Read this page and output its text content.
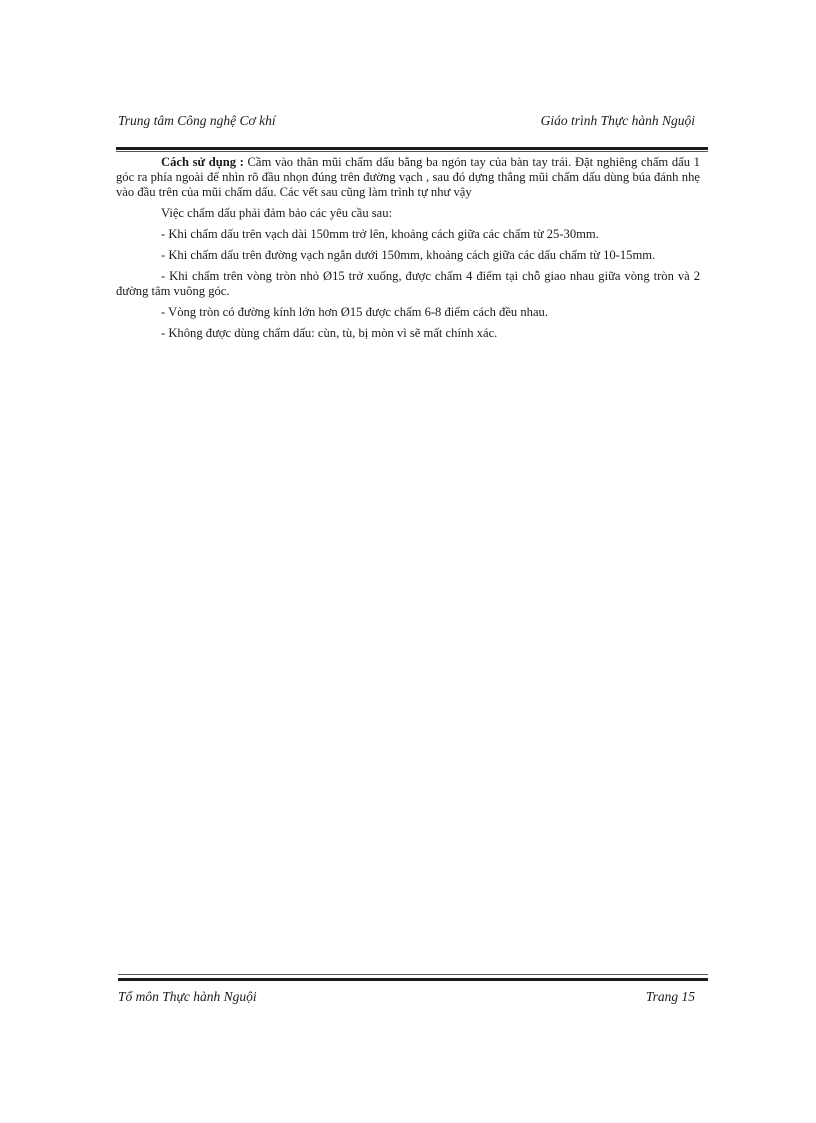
Trung tâm Công nghệ Cơ khí	Giáo trình Thực hành Nguội

Cách sử dụng : Cầm vào thân mũi chấm dấu bằng ba ngón tay của bàn tay trái. Đặt nghiêng chấm dấu 1 góc ra phía ngoài để nhìn rõ đầu nhọn đúng trên đường vạch , sau đó dựng thẳng mũi chấm dấu dùng búa đánh nhẹ vào đầu trên của mũi chấm dấu. Các vết sau cũng làm trình tự như vậy

Việc chấm dấu phải đảm bảo các yêu cầu sau:

- Khi chấm dấu trên vạch dài 150mm trở lên, khoảng cách giữa các chấm từ 25-30mm.

- Khi chấm dấu trên đường vạch ngắn dưới 150mm, khoảng cách giữa các dấu chấm từ 10-15mm.

- Khi chấm trên vòng tròn nhỏ Ø15 trở xuống, được chấm 4 điểm tại chỗ giao nhau giữa vòng tròn và 2 đường tâm vuông góc.

- Vòng tròn có đường kính lớn hơn Ø15 được chấm 6-8 điểm cách đều nhau.

- Không được dùng chấm dấu: cùn, tù, bị mòn vì sẽ mất chính xác.

Tổ môn Thực hành Nguội	Trang 15
